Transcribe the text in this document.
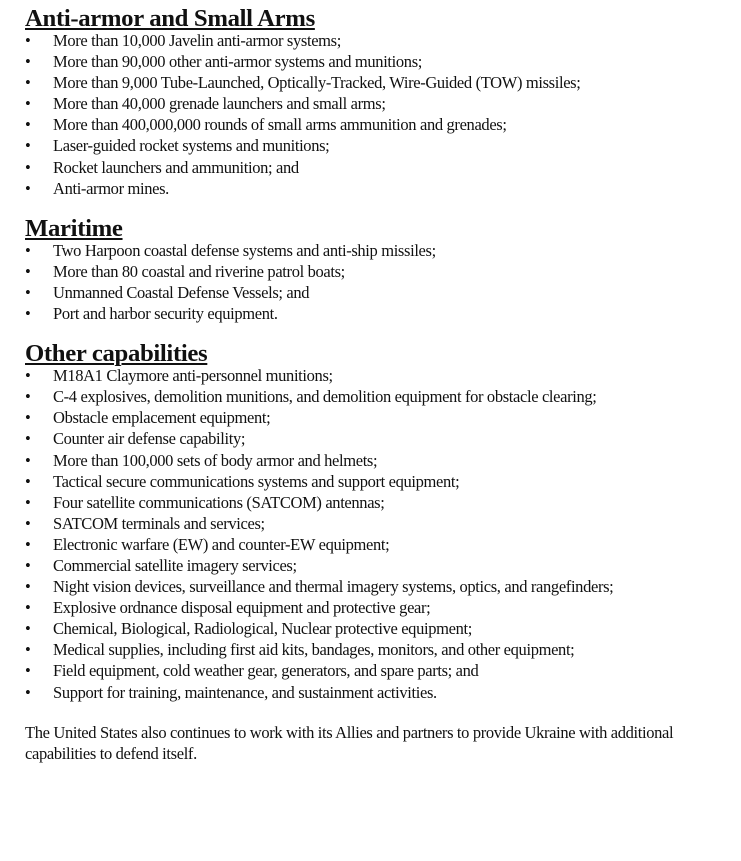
Anti-armor and Small Arms
• More than 10,000 Javelin anti-armor systems;
• More than 90,000 other anti-armor systems and munitions;
• More than 9,000 Tube-Launched, Optically-Tracked, Wire-Guided (TOW) missiles;
• More than 40,000 grenade launchers and small arms;
• More than 400,000,000 rounds of small arms ammunition and grenades;
• Laser-guided rocket systems and munitions;
• Rocket launchers and ammunition; and
• Anti-armor mines.
Maritime
• Two Harpoon coastal defense systems and anti-ship missiles;
• More than 80 coastal and riverine patrol boats;
• Unmanned Coastal Defense Vessels; and
• Port and harbor security equipment.
Other capabilities
• M18A1 Claymore anti-personnel munitions;
• C-4 explosives, demolition munitions, and demolition equipment for obstacle clearing;
• Obstacle emplacement equipment;
• Counter air defense capability;
• More than 100,000 sets of body armor and helmets;
• Tactical secure communications systems and support equipment;
• Four satellite communications (SATCOM) antennas;
• SATCOM terminals and services;
• Electronic warfare (EW) and counter-EW equipment;
• Commercial satellite imagery services;
• Night vision devices, surveillance and thermal imagery systems, optics, and rangefinders;
• Explosive ordnance disposal equipment and protective gear;
• Chemical, Biological, Radiological, Nuclear protective equipment;
• Medical supplies, including first aid kits, bandages, monitors, and other equipment;
• Field equipment, cold weather gear, generators, and spare parts; and
• Support for training, maintenance, and sustainment activities.

The United States also continues to work with its Allies and partners to provide Ukraine with additional capabilities to defend itself.
